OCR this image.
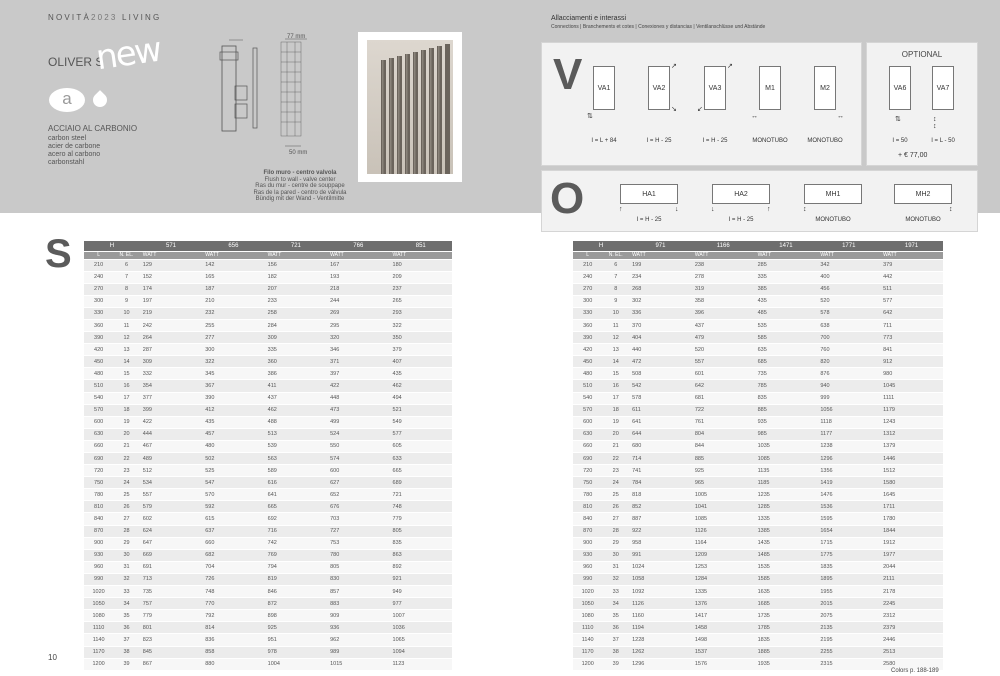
NOVITÀ2023 LIVING
OLIVER S
new
a
ACCIAIO AL CARBONIO
carbon steel
acier de carbone
acero al carbono
carbonstahl
77 mm
50 mm
Filo muro - centro valvola
Flush to wall - valve center
Ras du mur - centre de souppape
Ras de la pared - centro de válvula
Bündig mit der Wand - Ventilmitte
Allacciamenti e interassi
Connections | Branchements et cotes | Conexiones y distancias | Ventilanschlüsse und Abstände
V
O
OPTIONAL
+ € 77,00
VA1
⇅
I = L + 84
VA2
↗
↘
I = H - 25
VA3
↗
↙
I = H - 25
M1
↔
MONOTUBO
M2
↔
MONOTUBO
VA6
⇅
I = 50
VA7
↕ ↕
I = L - 50
HA1
↑	↓
I = H - 25
HA2
↓	↑
I = H - 25
MH1
↕
MONOTUBO
MH2
↕
MONOTUBO
S	H		571		656		721		766		851	
L	N. EL.	WATT		WATT		WATT		WATT		WATT	
210	6	129		142		156		167		180	
240	7	152		165		182		193		209	
270	8	174		187		207		218		237	
300	9	197		210		233		244		265	
330	10	219		232		258		269		293	
360	11	242		255		284		295		322	
390	12	264		277		309		320		350	
420	13	287		300		335		346		379	
450	14	309		322		360		371		407	
480	15	332		345		386		397		435	
510	16	354		367		411		422		462	
540	17	377		390		437		448		494	
570	18	399		412		462		473		521	
600	19	422		435		488		499		549	
630	20	444		457		513		524		577	
660	21	467		480		539		550		605	
690	22	489		502		563		574		633	
720	23	512		525		589		600		665	
750	24	534		547		616		627		689	
780	25	557		570		641		652		721	
810	26	579		592		665		676		748	
840	27	602		615		692		703		779	
870	28	624		637		716		727		805	
900	29	647		660		742		753		835	
930	30	669		682		769		780		863	
960	31	691		704		794		805		892	
990	32	713		726		819		830		921	
1020	33	735		748		846		857		949	
1050	34	757		770		872		883		977	
1080	35	779		792		898		909		1007	
1110	36	801		814		925		936		1036	
1140	37	823		836		951		962		1065	
1170	38	845		858		978		989		1094	
1200	39	867		880		1004		1015		1123	
H		971		1166		1471		1771		1971	
L	N. EL.	WATT		WATT		WATT		WATT		WATT	
210	6	199		238		285		342		379	
240	7	234		278		335		400		442	
270	8	268		319		385		456		511	
300	9	302		358		435		520		577	
330	10	336		396		485		578		642	
360	11	370		437		535		638		711	
390	12	404		479		585		700		773	
420	13	440		520		635		760		841	
450	14	472		557		685		820		912	
480	15	508		601		735		876		980	
510	16	542		642		785		940		1045	
540	17	578		681		835		999		1111	
570	18	611		722		885		1056		1179	
600	19	641		761		935		1118		1243	
630	20	644		804		985		1177		1312	
660	21	680		844		1035		1238		1379	
690	22	714		885		1085		1296		1446	
720	23	741		925		1135		1356		1512	
750	24	784		965		1185		1419		1580	
780	25	818		1005		1235		1476		1645	
810	26	852		1041		1285		1536		1711	
840	27	887		1085		1335		1595		1780	
870	28	922		1126		1385		1654		1844	
900	29	958		1164		1435		1715		1912	
930	30	991		1209		1485		1775		1977	
960	31	1024		1253		1535		1835		2044	
990	32	1058		1284		1585		1895		2111	
1020	33	1092		1335		1635		1955		2178	
1050	34	1126		1376		1685		2015		2245	
1080	35	1160		1417		1735		2075		2312	
1110	36	1194		1458		1785		2135		2379	
1140	37	1228		1498		1835		2195		2446	
1170	38	1262		1537		1885		2255		2513	
1200	39	1296		1576		1935		2315		2580	
10
Colors p. 188-189
